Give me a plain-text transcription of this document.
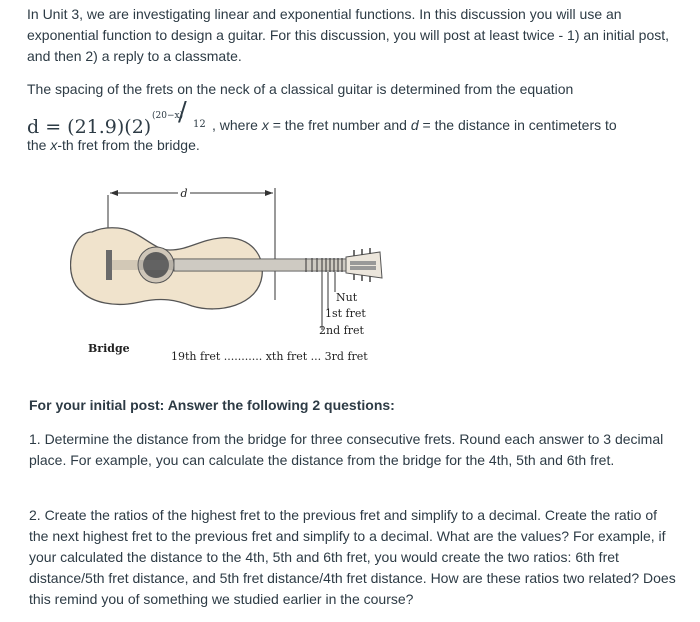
In Unit 3, we are investigating linear and exponential functions. In this discussion you will use an exponential function to design a guitar. For this discussion, you will post at least twice - 1) an initial post, and then 2) a reply to a classmate.

The spacing of the frets on the neck of a classical guitar is determined from the equation

d = (21.9)(2) (20−x)
/ 12 , where x = the fret number and d = the distance in centimeters to

the x-th fret from the bridge.

d
Nut
1st fret
2nd fret
Bridge
19th fret ........... xth fret ... 3rd fret

For your initial post: Answer the following 2 questions:

1. Determine the distance from the bridge for three consecutive frets. Round each answer to 3 decimal place. For example, you can calculate the distance from the bridge for the 4th, 5th and 6th fret.

2. Create the ratios of the highest fret to the previous fret and simplify to a decimal. Create the ratio of the next highest fret to the previous fret and simplify to a decimal. What are the values? For example, if your calculated the distance to the 4th, 5th and 6th fret, you would create the two ratios: 6th fret distance/5th fret distance, and 5th fret distance/4th fret distance. How are these ratios two related? Does this remind you of something we studied earlier in the course?
